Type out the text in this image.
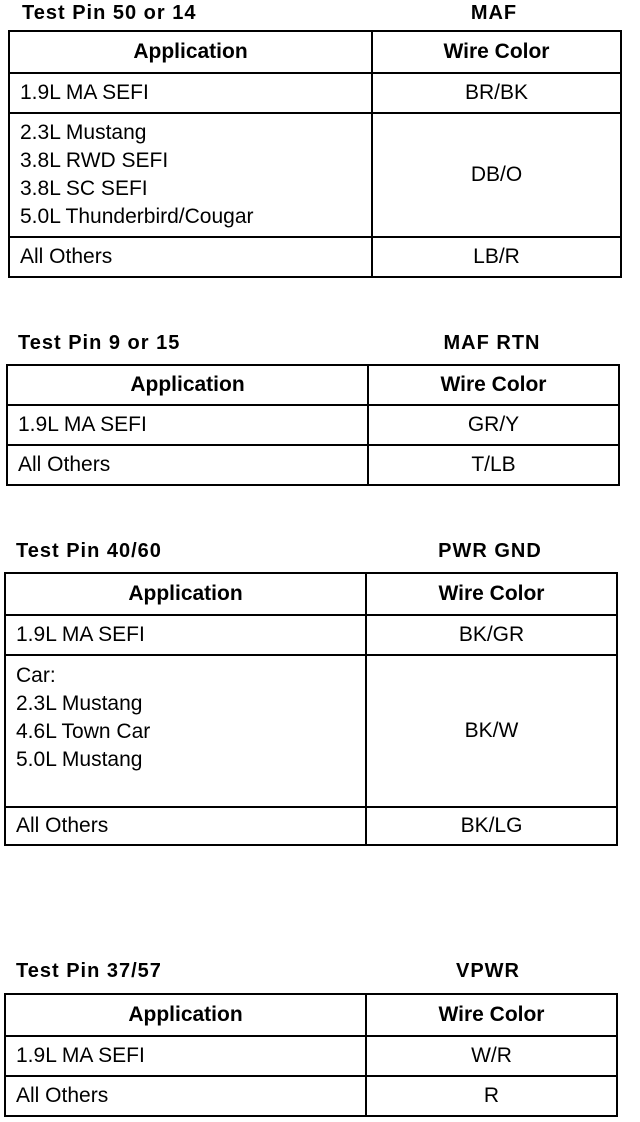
Test Pin 50 or 14	MAF
Application	Wire Color

1.9L MA SEFI	BR/BK

2.3L Mustang
3.8L RWD SEFI
3.8L SC SEFI
5.0L Thunderbird/Cougar	DB/O

All Others	LB/R
Test Pin 9 or 15	MAF RTN
Application	Wire Color

1.9L MA SEFI	GR/Y

All Others	T/LB
Test Pin 40/60	PWR GND
Application	Wire Color

1.9L MA SEFI	BK/GR

Car:
2.3L Mustang
4.6L Town Car
5.0L Mustang	BK/W

All Others	BK/LG
Test Pin 37/57	VPWR
Application	Wire Color

1.9L MA SEFI	W/R

All Others	R
